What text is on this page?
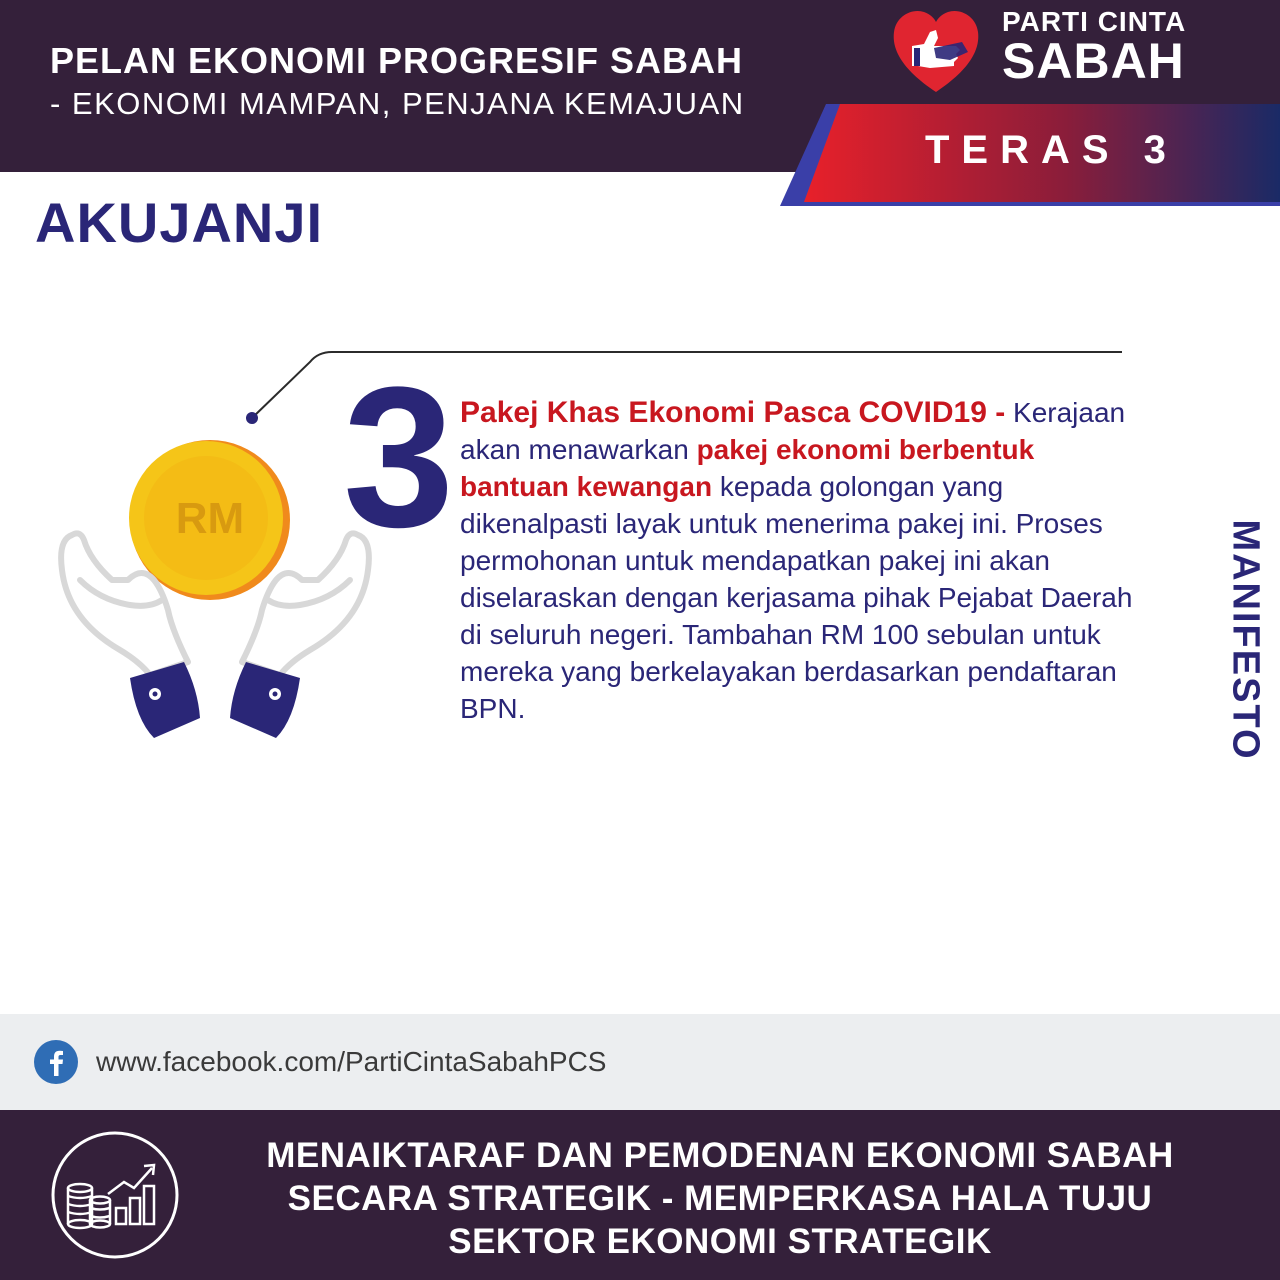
PELAN EKONOMI PROGRESIF SABAH
- EKONOMI MAMPAN, PENJANA KEMAJUAN
PARTI CINTA
SABAH
TERAS 3
AKUJANJI
RM 3 Pakej Khas Ekonomi Pasca COVID19 - Kerajaan akan menawarkan pakej ekonomi berbentuk bantuan kewangan kepada golongan yang dikenalpasti layak untuk menerima pakej ini. Proses permohonan untuk mendapatkan pakej ini akan diselaraskan dengan kerjasama pihak Pejabat Daerah di seluruh negeri. Tambahan RM 100 sebulan untuk mereka yang berkelayakan berdasarkan pendaftaran BPN.	MANIFESTO
www.facebook.com/PartiCintaSabahPCS
MENAIKTARAF DAN PEMODENAN EKONOMI SABAH
SECARA STRATEGIK - MEMPERKASA HALA TUJU
SEKTOR EKONOMI STRATEGIK
